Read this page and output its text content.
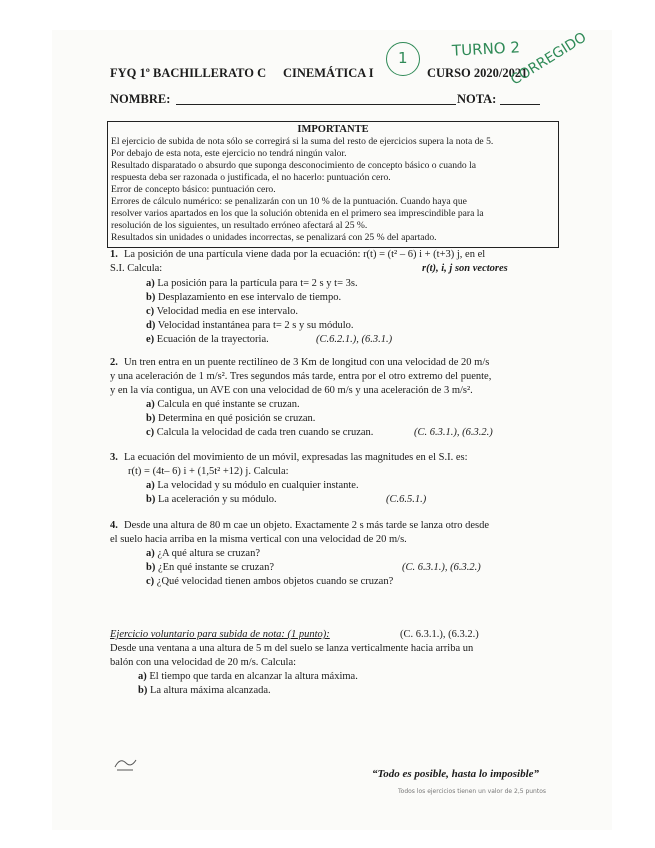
FYQ 1º BACHILLERATO C CINEMÁTICA I
1
CURSO 2020/2021
TURNO 2
NOMBRE:	NOTA:
CORREGIDO
IMPORTANTE
El ejercicio de subida de nota sólo se corregirá si la suma del resto de ejercicios supera la nota de 5.
Por debajo de esta nota, este ejercicio no tendrá ningún valor.
Resultado disparatado o absurdo que suponga desconocimiento de concepto básico o cuando la
respuesta deba ser razonada o justificada, el no hacerlo: puntuación cero.
Error de concepto básico: puntuación cero.
Errores de cálculo numérico: se penalizarán con un 10 % de la puntuación. Cuando haya que
resolver varios apartados en los que la solución obtenida en el primero sea imprescindible para la
resolución de los siguientes, un resultado erróneo afectará al 25 %.
Resultados sin unidades o unidades incorrectas, se penalizará con 25 % del apartado.
1. La posición de una partícula viene dada por la ecuación: r(t) = (t² – 6) i + (t+3) j, en el
S.I. Calcula:	r(t), i, j son vectores
a) La posición para la partícula para t= 2 s y t= 3s.
b) Desplazamiento en ese intervalo de tiempo.
c) Velocidad media en ese intervalo.
d) Velocidad instantánea para t= 2 s y su módulo.
e) Ecuación de la trayectoria.	(C.6.2.1.), (6.3.1.)
2. Un tren entra en un puente rectilíneo de 3 Km de longitud con una velocidad de 20 m/s
y una aceleración de 1 m/s². Tres segundos más tarde, entra por el otro extremo del puente,
y en la vía contigua, un AVE con una velocidad de 60 m/s y una aceleración de 3 m/s².
a) Calcula en qué instante se cruzan.
b) Determina en qué posición se cruzan.
c) Calcula la velocidad de cada tren cuando se cruzan.	(C. 6.3.1.), (6.3.2.)
3. La ecuación del movimiento de un móvil, expresadas las magnitudes en el S.I. es:
r(t) = (4t– 6) i + (1,5t² +12) j. Calcula:
a) La velocidad y su módulo en cualquier instante.
b) La aceleración y su módulo.	(C.6.5.1.)
4. Desde una altura de 80 m cae un objeto. Exactamente 2 s más tarde se lanza otro desde
el suelo hacia arriba en la misma vertical con una velocidad de 20 m/s.
a) ¿A qué altura se cruzan?
b) ¿En qué instante se cruzan?	(C. 6.3.1.), (6.3.2.)
c) ¿Qué velocidad tienen ambos objetos cuando se cruzan?
Ejercicio voluntario para subida de nota: (1 punto):	(C. 6.3.1.), (6.3.2.)
Desde una ventana a una altura de 5 m del suelo se lanza verticalmente hacia arriba un
balón con una velocidad de 20 m/s. Calcula:
a) El tiempo que tarda en alcanzar la altura máxima.
b) La altura máxima alcanzada.
“Todo es posible, hasta lo imposible”
Todos los ejercicios tienen un valor de 2,5 puntos
